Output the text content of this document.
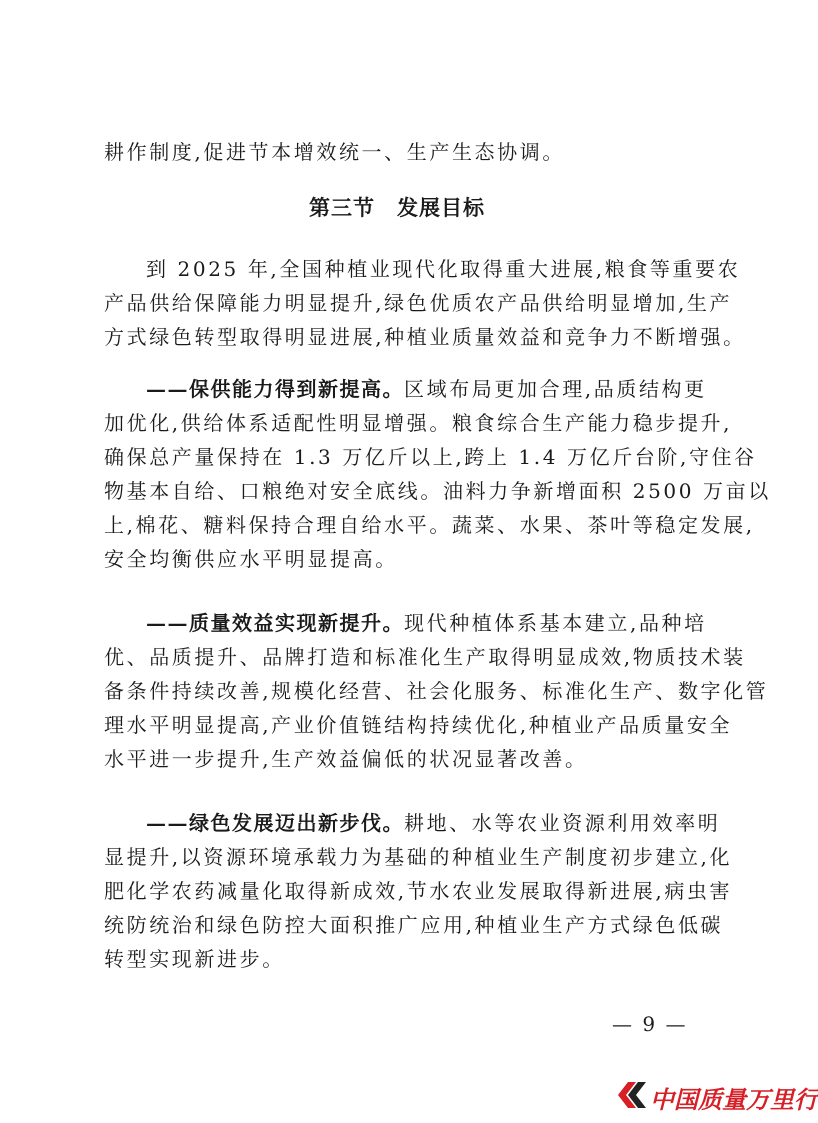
耕作制度,促进节本增效统一、生产生态协调。
第三节 发展目标
到 2025 年,全国种植业现代化取得重大进展,粮食等重要农
产品供给保障能力明显提升,绿色优质农产品供给明显增加,生产
方式绿色转型取得明显进展,种植业质量效益和竞争力不断增强。
——保供能力得到新提高。区域布局更加合理,品质结构更
加优化,供给体系适配性明显增强。粮食综合生产能力稳步提升,
确保总产量保持在 1.3 万亿斤以上,跨上 1.4 万亿斤台阶,守住谷
物基本自给、口粮绝对安全底线。油料力争新增面积 2500 万亩以
上,棉花、糖料保持合理自给水平。蔬菜、水果、茶叶等稳定发展,
安全均衡供应水平明显提高。
——质量效益实现新提升。现代种植体系基本建立,品种培
优、品质提升、品牌打造和标准化生产取得明显成效,物质技术装
备条件持续改善,规模化经营、社会化服务、标准化生产、数字化管
理水平明显提高,产业价值链结构持续优化,种植业产品质量安全
水平进一步提升,生产效益偏低的状况显著改善。
——绿色发展迈出新步伐。耕地、水等农业资源利用效率明
显提升,以资源环境承载力为基础的种植业生产制度初步建立,化
肥化学农药减量化取得新成效,节水农业发展取得新进展,病虫害
统防统治和绿色防控大面积推广应用,种植业生产方式绿色低碳
转型实现新进步。
— 9 —
中国质量万里行
